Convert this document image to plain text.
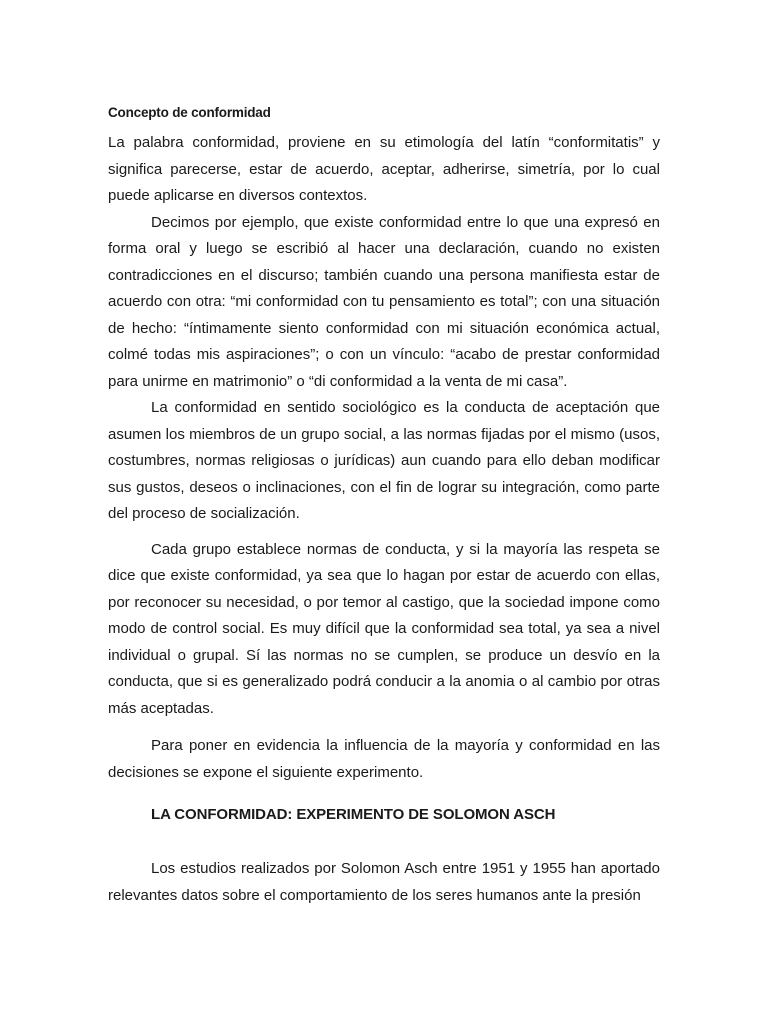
Concepto de conformidad

La palabra conformidad, proviene en su etimología del latín “conformitatis” y significa parecerse, estar de acuerdo, aceptar, adherirse, simetría, por lo cual puede aplicarse en diversos contextos.

Decimos por ejemplo, que existe conformidad entre lo que una expresó en forma oral y luego se escribió al hacer una declaración, cuando no existen contradicciones en el discurso; también cuando una persona manifiesta estar de acuerdo con otra: “mi conformidad con tu pensamiento es total”; con una situación de hecho: “íntimamente siento conformidad con mi situación económica actual, colmé todas mis aspiraciones”; o con un vínculo: “acabo de prestar conformidad para unirme en matrimonio” o “di conformidad a la venta de mi casa”.

La conformidad en sentido sociológico es la conducta de aceptación que asumen los miembros de un grupo social, a las normas fijadas por el mismo (usos, costumbres, normas religiosas o jurídicas) aun cuando para ello deban modificar sus gustos, deseos o inclinaciones, con el fin de lograr su integración, como parte del proceso de socialización.

Cada grupo establece normas de conducta, y si la mayoría las respeta se dice que existe conformidad, ya sea que lo hagan por estar de acuerdo con ellas, por reconocer su necesidad, o por temor al castigo, que la sociedad impone como modo de control social. Es muy difícil que la conformidad sea total, ya sea a nivel individual o grupal. Sí las normas no se cumplen, se produce un desvío en la conducta, que si es generalizado podrá conducir a la anomia o al cambio por otras más aceptadas.

Para poner en evidencia la influencia de la mayoría y conformidad en las decisiones se expone el siguiente experimento.

LA CONFORMIDAD: EXPERIMENTO DE SOLOMON ASCH

Los estudios realizados por Solomon Asch entre 1951 y 1955 han aportado relevantes datos sobre el comportamiento de los seres humanos ante la presión
